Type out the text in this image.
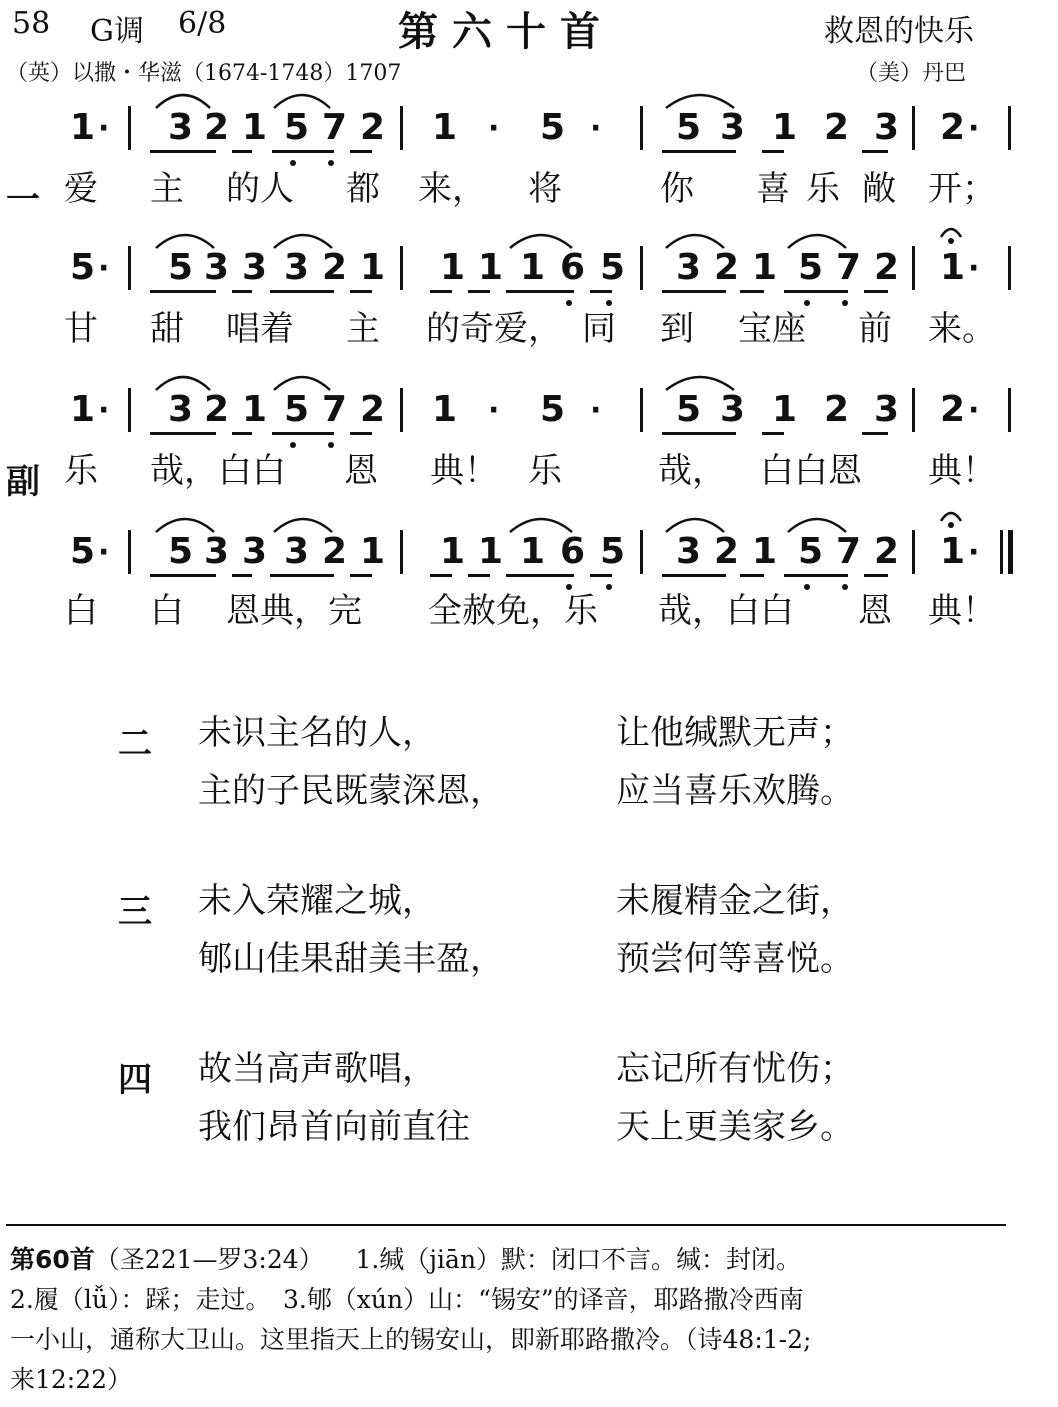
58 G调 6/8	第六十首	救恩的快乐
（英）以撒・华滋（1674-1748）1707	（美）丹巴
1 · 3 2 1 5 7 2 1 · 5 · 5 3 1 2 3 2 ·
一 爱 主 的人 都 来， 将	你 喜 乐 敞 开；
5 · 5 3 3 3 2 1 1 1 1 6 5 3 2 1 5 7 2 1 ·
甘 甜 唱着 主 的奇爱， 同 到 宝座 前 来。
1 · 3 2 1 5 7 2 1 · 5 · 5 3 1 2 3 2 ·
副 乐 哉，白白 恩 典！ 乐	哉， 白白恩 典！
5 · 5 3 3 3 2 1 1 1 1 6 5 3 2 1 5 7 2 1 ·
白 白 恩典，完 全赦免，乐 哉，白白 恩 典！
二 未识主名的人，	让他缄默无声；
主的子民既蒙深恩，	应当喜乐欢腾。
三 未入荣耀之城，	未履精金之街，
郇山佳果甜美丰盈，	预尝何等喜悦。
四 故当高声歌唱，	忘记所有忧伤；
我们昂首向前直往	天上更美家乡。
第60首（圣221—罗3:24） 1.缄（jiān）默：闭口不言。缄：封闭。
2.履（lǚ）：踩；走过。　3.郇（xún）山：“锡安”的译音，耶路撒冷西南
一小山，通称大卫山。这里指天上的锡安山，即新耶路撒冷。（诗48:1-2;
来12:22）
